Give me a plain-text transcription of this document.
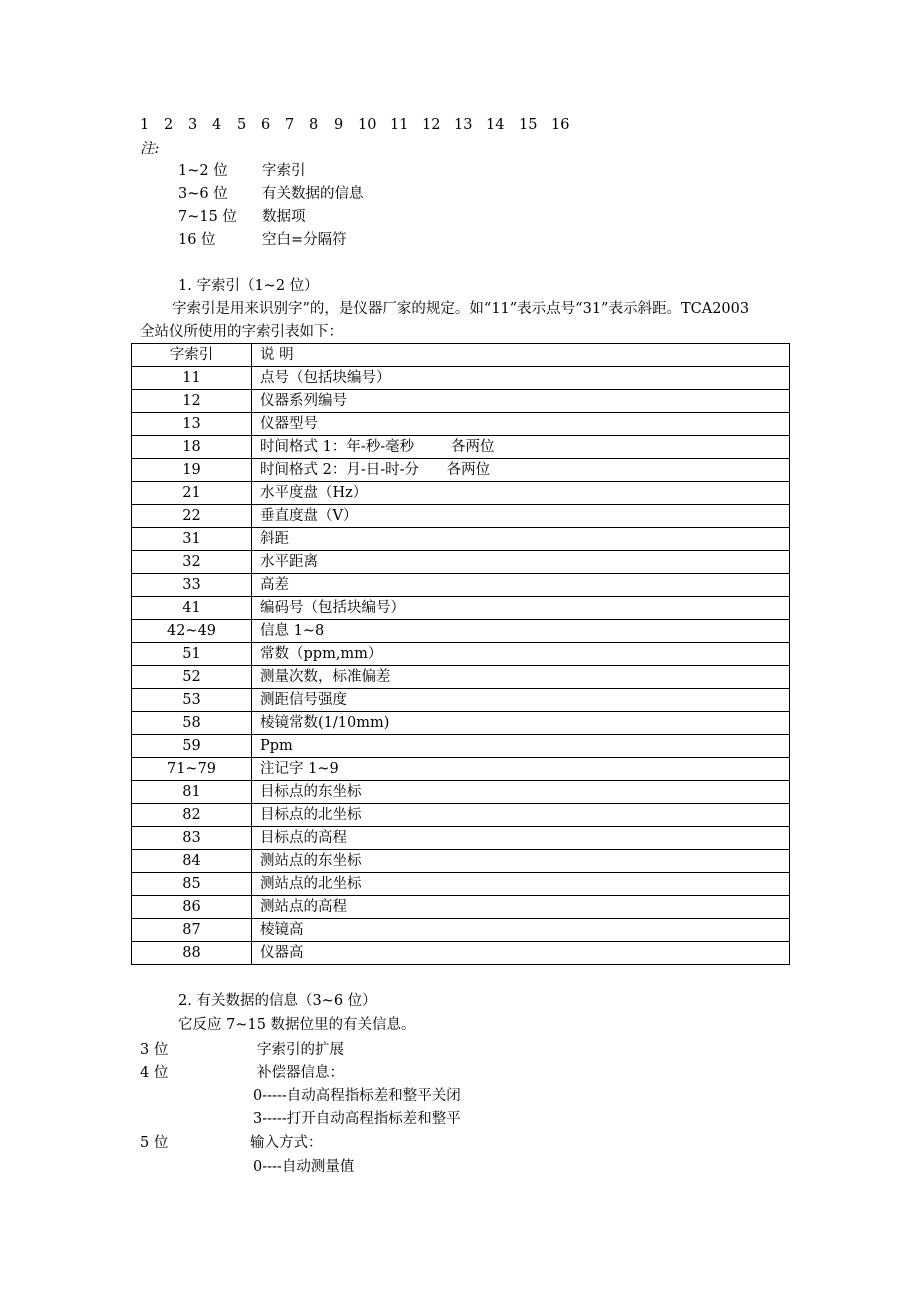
1 2 3 4 5 6 7 8 9 10 11 12 13 14 15 16
注:
1~2 位 字索引
3~6 位 有关数据的信息
7~15 位 数据项
16 位	空白=分隔符
1. 字索引（1~2 位）
字索引是用来识别字”的，是仪器厂家的规定。如“11”表示点号“31”表示斜距。TCA2003
全站仪所使用的字索引表如下：
字索引	说 明
11	点号（包括块编号）
12	仪器系列编号
13	仪器型号
18	时间格式 1：年-秒-毫秒        各两位
19	时间格式 2：月-日-时-分      各两位
21	水平度盘（Hz）
22	垂直度盘（V）
31	斜距
32	水平距离
33	高差
41	编码号（包括块编号）
42~49	信息 1~8
51	常数（ppm,mm）
52	测量次数，标准偏差
53	测距信号强度
58	棱镜常数(1/10mm)
59	Ppm
71~79	注记字 1~9
81	目标点的东坐标
82	目标点的北坐标
83	目标点的高程
84	测站点的东坐标
85	测站点的北坐标
86	测站点的高程
87	棱镜高
88	仪器高
2. 有关数据的信息（3~6 位）
它反应 7~15 数据位里的有关信息。
3 位	字索引的扩展
4 位	补偿器信息：
0-----自动高程指标差和整平关闭
3-----打开自动高程指标差和整平
5 位	输入方式：
0----自动测量值
